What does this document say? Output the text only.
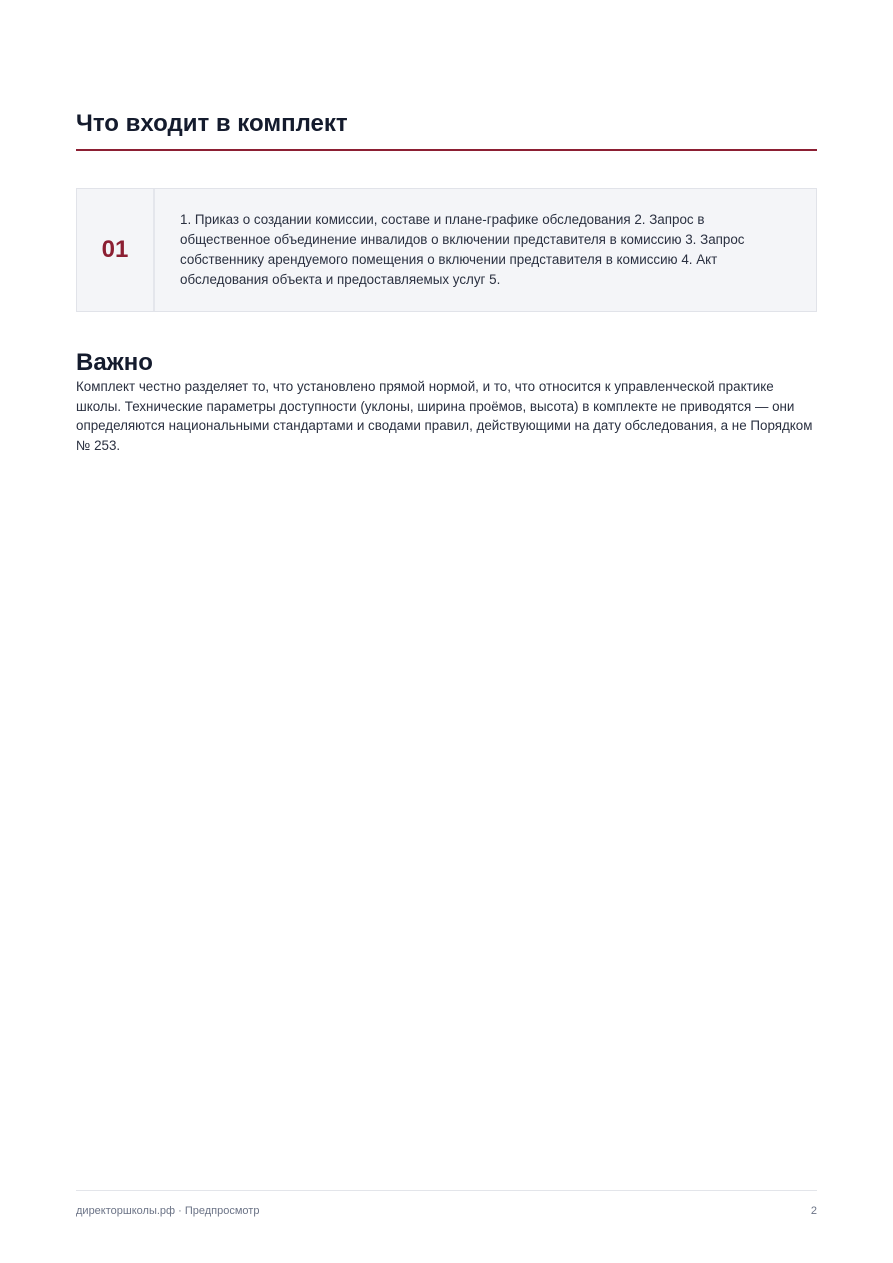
Что входит в комплект
01
1. Приказ о создании комиссии, составе и плане-графике обследования 2. Запрос в общественное объединение инвалидов о включении представителя в комиссию 3. Запрос собственнику арендуемого помещения о включении представителя в комиссию 4. Акт обследования объекта и предоставляемых услуг 5.
Важно

Комплект честно разделяет то, что установлено прямой нормой, и то, что относится к управленческой практике школы. Технические параметры доступности (уклоны, ширина проёмов, высота) в комплекте не приводятся — они определяются национальными стандартами и сводами правил, действующими на дату обследования, а не Порядком № 253.

директоршколы.рф · Предпросмотр	2
